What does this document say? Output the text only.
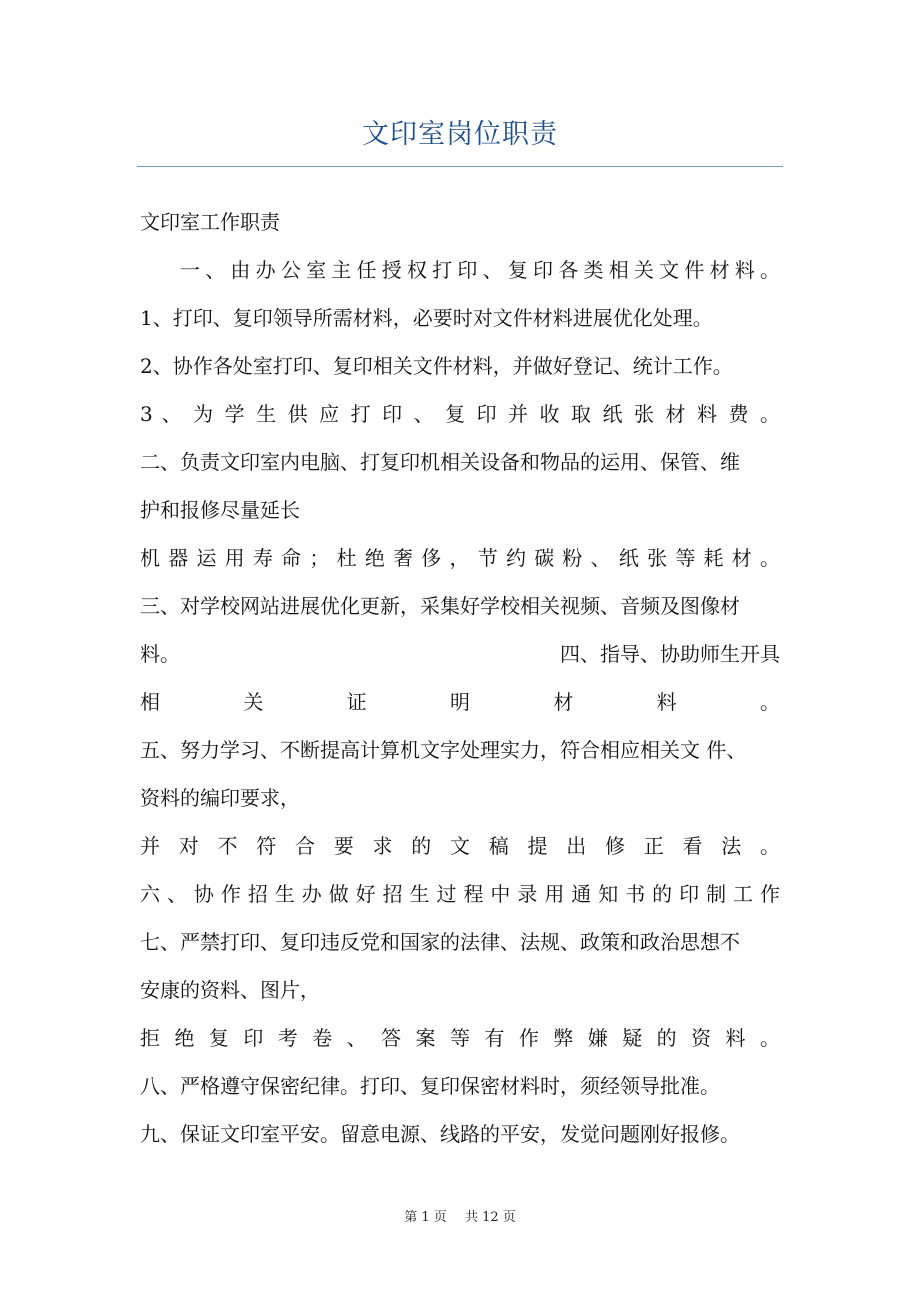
文印室岗位职责
文印室工作职责
一、由办公室主任授权打印、复印各类相关文件材料。
1、打印、复印领导所需材料，必要时对文件材料进展优化处理。
2、协作各处室打印、复印相关文件材料，并做好登记、统计工作。
3 、 为 学 生 供 应 打 印 、 复 印 并 收 取 纸 张 材 料 费 。
二、负责文印室内电脑、打复印机相关设备和物品的运用、保管、维
护和报修尽量延长
机 器 运 用 寿 命 ； 杜 绝 奢 侈 ， 节 约 碳 粉 、 纸 张 等 耗 材 。
三、对学校网站进展优化更新，采集好学校相关视频、音频及图像材
料。	四、指导、协助师生开具
相 关 证 明 材 料 。
五、努力学习、不断提高计算机文字处理实力，符合相应相关文 件、
资料的编印要求，
并 对 不 符 合 要 求 的 文 稿 提 出 修 正 看 法 。
六 、 协 作 招 生 办 做 好 招 生 过 程 中 录 用 通 知 书 的 印 制 工 作
七、严禁打印、复印违反党和国家的法律、法规、政策和政治思想不
安康的资料、图片，
拒 绝 复 印 考 卷 、 答 案 等 有 作 弊 嫌 疑 的 资 料 。
八、严格遵守保密纪律。打印、复印保密材料时，须经领导批准。
九、保证文印室平安。留意电源、线路的平安，发觉问题刚好报修。
第 1 页 共 12 页
